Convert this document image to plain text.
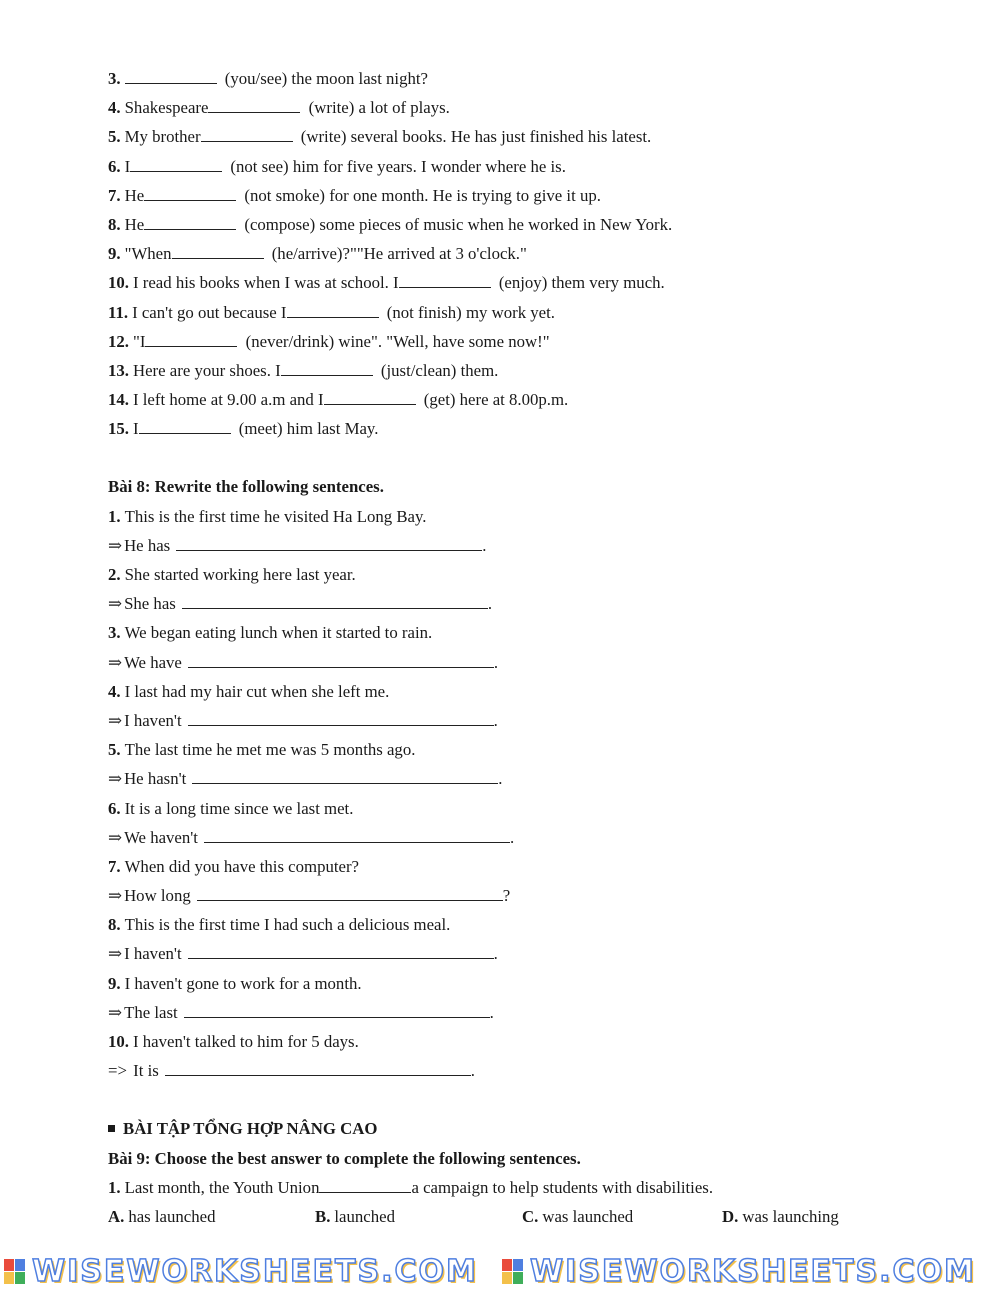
3.	(you/see) the moon last night?
4. Shakespeare	(write) a lot of plays.
5. My brother	(write) several books. He has just finished his latest.
6. I	(not see) him for five years. I wonder where he is.
7. He	(not smoke) for one month. He is trying to give it up.
8. He	(compose) some pieces of music when he worked in New York.
9. "When	(he/arrive)?""He arrived at 3 o'clock."
10. I read his books when I was at school. I	(enjoy) them very much.
11. I can't go out because I	(not finish) my work yet.
12. "I	(never/drink) wine". "Well, have some now!"
13. Here are your shoes. I	(just/clean) them.
14. I left home at 9.00 a.m and I	(get) here at 8.00p.m.
15. I	(meet) him last May.
Bài 8: Rewrite the following sentences.
1. This is the first time he visited Ha Long Bay.
⇒ He has	.
2. She started working here last year.
⇒ She has	.
3. We began eating lunch when it started to rain.
⇒ We have	.
4. I last had my hair cut when she left me.
⇒ I haven't	.
5. The last time he met me was 5 months ago.
⇒ He hasn't	.
6. It is a long time since we last met.
⇒ We haven't	.
7. When did you have this computer?
⇒ How long	?
8. This is the first time I had such a delicious meal.
⇒ I haven't	.
9. I haven't gone to work for a month.
⇒ The last	.
10. I haven't talked to him for 5 days.
=> It is	.
BÀI TẬP TỔNG HỢP NÂNG CAO
Bài 9: Choose the best answer to complete the following sentences.
1. Last month, the Youth Union	a campaign to help students with disabilities.
A. has launched	B. launched	C. was launched	D. was launching
WISEWORKSHEETS.COM WISEWORKSHEETS.COM
